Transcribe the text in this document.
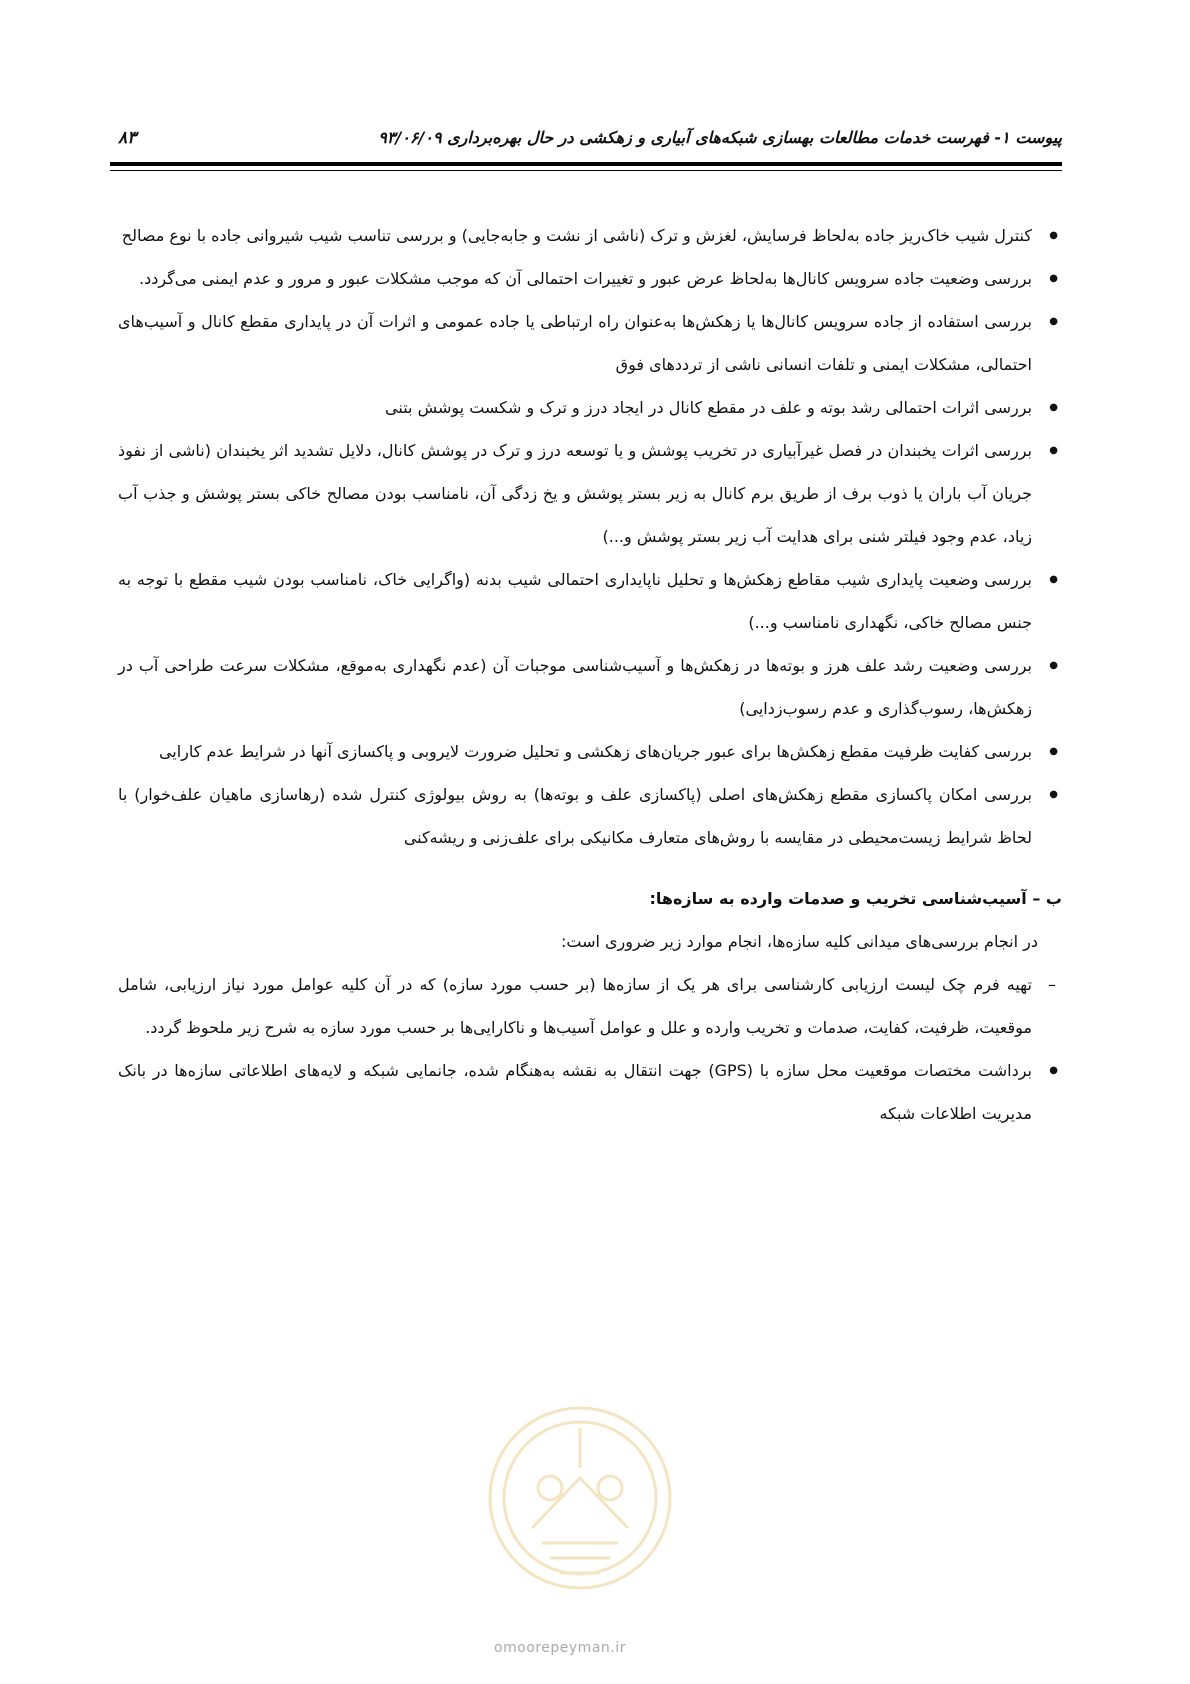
پیوست ۱- فهرست خدمات مطالعات بهسازی شبکه‌های آبیاری و زهکشی در حال بهره‌برداری ۹۳/۰۶/۰۹
۸۳
● کنترل شیب خاک‌ریز جاده به‌لحاظ فرسایش، لغزش و ترک (ناشی از نشت و جابه‌جایی) و بررسی تناسب شیب شیروانی جاده با نوع مصالح
● بررسی وضعیت جاده سرویس کانال‌ها به‌لحاظ عرض عبور و تغییرات احتمالی آن که موجب مشکلات عبور و مرور و عدم ایمنی می‌گردد.
● بررسی استفاده از جاده سرویس کانال‌ها یا زهکش‌ها به‌عنوان راه ارتباطی یا جاده عمومی و اثرات آن در پایداری مقطع کانال و آسیب‌های احتمالی، مشکلات ایمنی و تلفات انسانی ناشی از ترددهای فوق
● بررسی اثرات احتمالی رشد بوته و علف در مقطع کانال در ایجاد درز و ترک و شکست پوشش بتنی
● بررسی اثرات یخبندان در فصل غیرآبیاری در تخریب پوشش و یا توسعه درز و ترک در پوشش کانال، دلایل تشدید اثر یخبندان (ناشی از نفوذ جریان آب باران یا ذوب برف از طریق برم کانال به زیر بستر پوشش و یخ زدگی آن، نامناسب بودن مصالح خاکی بستر پوشش و جذب آب زیاد، عدم وجود فیلتر شنی برای هدایت آب زیر بستر پوشش و...)
● بررسی وضعیت پایداری شیب مقاطع زهکش‌ها و تحلیل ناپایداری احتمالی شیب بدنه (واگرایی خاک، نامناسب بودن شیب مقطع با توجه به جنس مصالح خاکی، نگهداری نامناسب و...)
● بررسی وضعیت رشد علف هرز و بوته‌ها در زهکش‌ها و آسیب‌شناسی موجبات آن (عدم نگهداری به‌موقع، مشکلات سرعت طراحی آب در زهکش‌ها، رسوب‌گذاری و عدم رسوب‌زدایی)
● بررسی کفایت ظرفیت مقطع زهکش‌ها برای عبور جریان‌های زهکشی و تحلیل ضرورت لایروبی و پاکسازی آنها در شرایط عدم کارایی
● بررسی امکان پاکسازی مقطع زهکش‌های اصلی (پاکسازی علف و بوته‌ها) به روش بیولوژی کنترل شده (رهاسازی ماهیان علف‌خوار) با لحاظ شرایط زیست‌محیطی در مقایسه با روش‌های متعارف مکانیکی برای علف‌زنی و ریشه‌کنی
ب – آسیب‌شناسی تخریب و صدمات وارده به سازه‌ها:
در انجام بررسی‌های میدانی کلیه سازه‌ها، انجام موارد زیر ضروری است:
– تهیه فرم چک لیست ارزیابی کارشناسی برای هر یک از سازه‌ها (بر حسب مورد سازه) که در آن کلیه عوامل مورد نیاز ارزیابی، شامل موقعیت، ظرفیت، کفایت، صدمات و تخریب وارده و علل و عوامل آسیب‌ها و ناکارایی‌ها بر حسب مورد سازه به شرح زیر ملحوظ گردد.
● برداشت مختصات موقعیت محل سازه با (GPS) جهت انتقال به نقشه به‌هنگام شده، جانمایی شبکه و لایه‌های اطلاعاتی سازه‌ها در بانک مدیریت اطلاعات شبکه
omoorepeyman.ir
